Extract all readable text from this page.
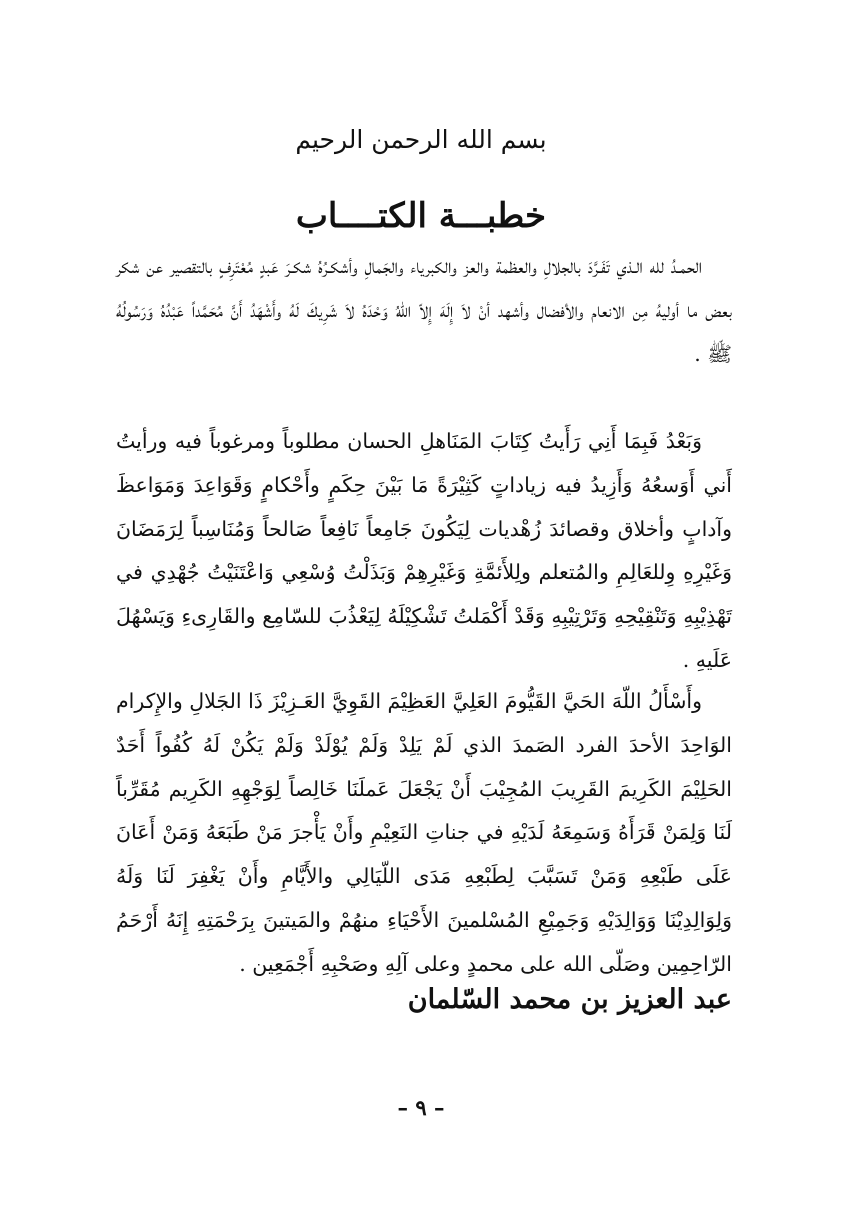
بسم الله الرحمن الرحيم
خطبـــة الكتــــاب

الحمـدُ لله الـذي تَفَـرَّدَ بالجلالِ والعظمة والعز والكبرياء والجَمالِ وأشكـرُهُ شكـرَ عَبدٍ مُعْتَرِفٍ بالتقصير عن شكر بعض ما أوليهُ مِن الانعام والأفضال وأشهد أنْ لاَ إِلَهَ إِلاّ اللّهُ وَحْدَهُ لاَ شَرِيكَ لَهُ وأَشْهَدُ أَنَّ مُحَمَّداً عَبْدُهُ وَرَسُولُهُ ﷺ .

وَبَعْدُ فَبِمَا أَنِي رَأَيتُ كِتَابَ المَنَاهلِ الحسان مطلوباً ومرغوباً فيه ورأيتُ أَني أَوَسعُهُ وَأَزِيدُ فيه زياداتٍ كَثِيْرَةً مَا بَيْنَ حِكَمٍ وأَحْكامٍ وَقَوَاعِدَ وَمَوَاعظَ وآدابٍ وأخلاق وقصائدَ زُهْديات لِيَكُونَ جَامِعاً نَافِعاً صَالحاً وَمُنَاسِباً لِرَمَضَانَ وَغَيْرِهِ وِللعَالِمِ والمُتعلم ولِلأَئمَّةِ وَغَيْرِهِمْ وَبَذَلْتُ وُسْعِي وَاعْتَنَيْتُ جُهْدِي في تَهْذِيْبِهِ وَتَنْقِيْحِهِ وَتَرْتِيْبِهِ وَقَدْ أَكْمَلتُ تَشْكِيْلَهُ لِيَعْذُبَ للسّامِع والقَارِىءِ وَيَسْهُلَ عَلَيهِ .

وأَسْأَلُ اللّهَ الحَيَّ القَيُّومَ العَلِيَّ العَظِيْمَ القَوِيَّ العَـزِيْزَ ذَا الجَلالِ والإِكرام الوَاحِدَ الأحدَ الفرد الصَمدَ الذي لَمْ يَلِدْ وَلَمْ يُوْلَدْ وَلَمْ يَكُنْ لَهُ كُفُواً أَحَدٌ الحَلِيْمَ الكَرِيمَ القَرِيبَ المُجِيْبَ أَنْ يَجْعَلَ عَملَنَا خَالِصاً لِوَجْهِهِ الكَرِيم مُقَرِّباً لَنَا وَلِمَنْ قَرَأَهُ وَسَمِعَهُ لَدَيْهِ في جناتِ النَعِيْمِ وأَنْ يَأْجرَ مَنْ طَبَعَهُ وَمَنْ أَعَانَ عَلَى طَبْعِهِ وَمَنْ تَسَبَّبَ لِطَبْعِهِ مَدَى اللّيَالِي والأَيَّامِ وأَنْ يَغْفِرَ لَنَا وَلَهُ وَلِوَالِدِيْنَا وَوَالِدَيْهِ وَجَمِيْعِ المُسْلمينَ الأَحْيَاءِ منهُمْ والمَيتينَ بِرَحْمَتِهِ إِنَهُ أَرْحَمُ الرّاحِمِين وصَلّى الله على محمدٍ وعلى آلِهِ وصَحْبِهِ أَجْمَعِين .

عبد العزيز بن محمد السّلمان
– ٩ –
